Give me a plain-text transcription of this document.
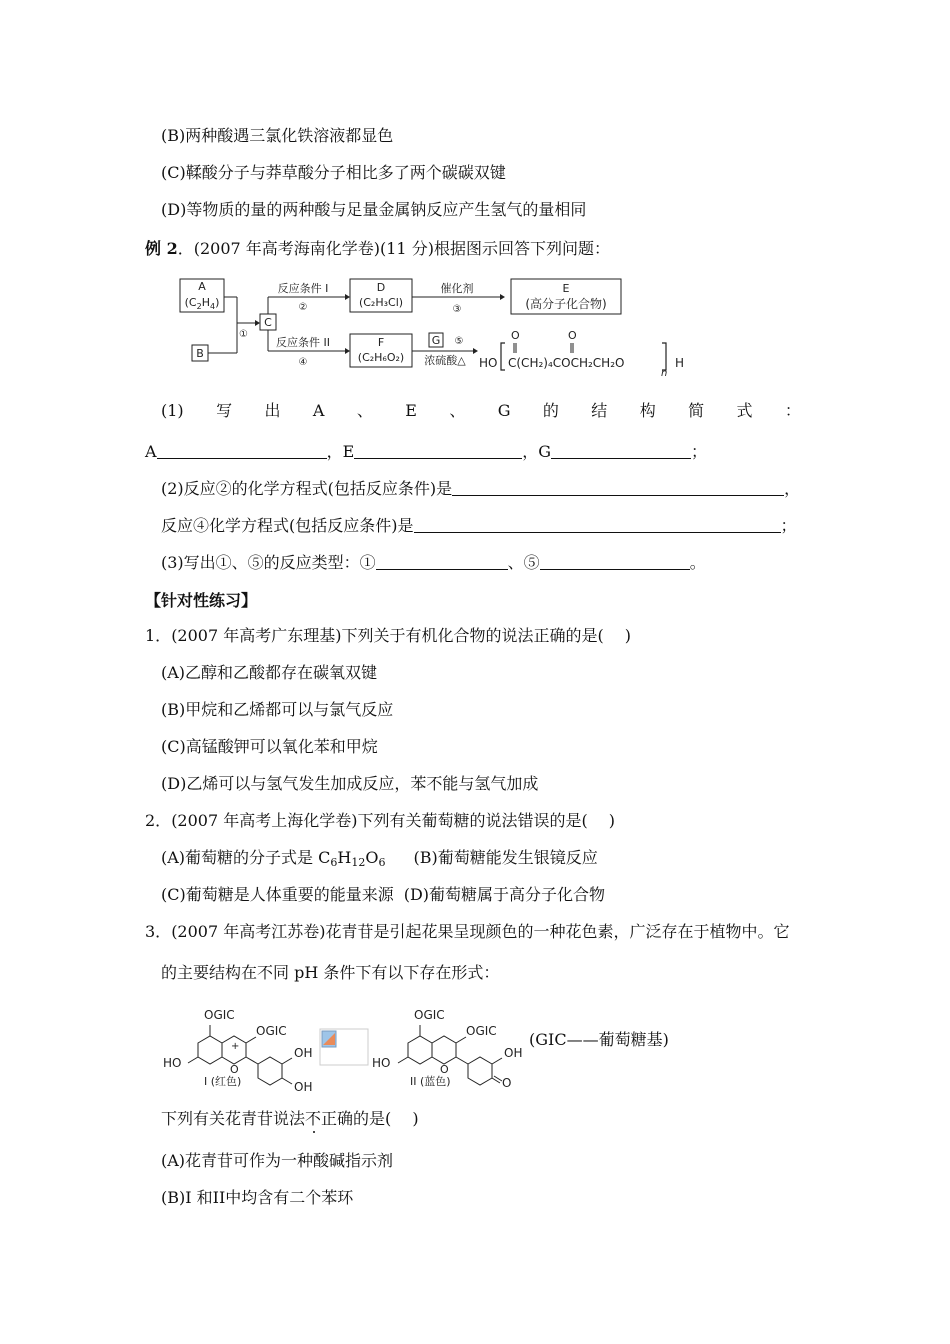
(B)两种酸遇三氯化铁溶液都显色
(C)鞣酸分子与莽草酸分子相比多了两个碳碳双键
(D)等物质的量的两种酸与足量金属钠反应产生氢气的量相同
例 2．(2007 年高考海南化学卷)(11 分)根据图示回答下列问题：
A
$(C_2H_4)$
B
①
C
反应条件 I
②
反应条件 II
④
D
(C₂H₃Cl)
催化剂
③
E
(高分子化合物)
F
(C₂H₆O₂)
G ⑤
浓硫酸△ HO
O	O
C(CH₂)₄COCH₂CH₂O
n
H
(1) 写 出 A 、 E 、 G 的 结 构 简 式 ：
A	，E	，G	；
(2)反应②的化学方程式(包括反应条件)是	，
反应④化学方程式(包括反应条件)是	；
(3)写出①、⑤的反应类型：①	、⑤	。
【针对性练习】
1．(2007 年高考广东理基)下列关于有机化合物的说法正确的是(　 )
(A)乙醇和乙酸都存在碳氧双键
(B)甲烷和乙烯都可以与氯气反应
(C)高锰酸钾可以氧化苯和甲烷
(D)乙烯可以与氢气发生加成反应，苯不能与氢气加成
2．(2007 年高考上海化学卷)下列有关葡萄糖的说法错误的是(　 )
(A)葡萄糖的分子式是 $C_6H_{12}O_6$ (B)葡萄糖能发生银镜反应
(C)葡萄糖是人体重要的能量来源 (D)葡萄糖属于高分子化合物
3．(2007 年高考江苏卷)花青苷是引起花果呈现颜色的一种花色素，广泛存在于植物中。它
的主要结构在不同 pH 条件下有以下存在形式：
OGIC
OGIC
HO	O
+	OH
OH
I (红色)
OGIC
OGIC
HO	O
OH
O
II (蓝色)
(GIC——葡萄糖基)
下列有关花青苷说法不正确的是(　 )
(A)花青苷可作为一种酸碱指示剂
(B)I 和II中均含有二个苯环
